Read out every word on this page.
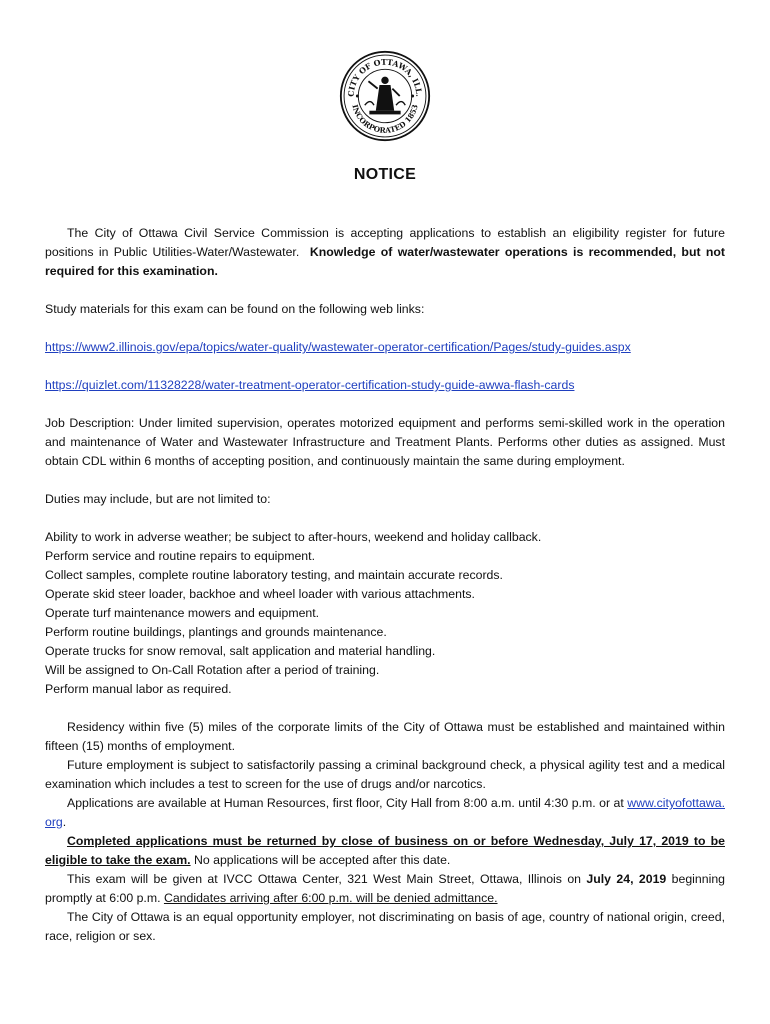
CITY OF OTTAWA, ILL.
INCORPORATED 1853
NOTICE

The City of Ottawa Civil Service Commission is accepting applications to establish an eligibility register for future positions in Public Utilities-Water/Wastewater. Knowledge of water/wastewater operations is recommended, but not required for this examination.

Study materials for this exam can be found on the following web links:

https://www2.illinois.gov/epa/topics/water-quality/wastewater-operator-certification/Pages/study-guides.aspx

https://quizlet.com/11328228/water-treatment-operator-certification-study-guide-awwa-flash-cards

Job Description: Under limited supervision, operates motorized equipment and performs semi-skilled work in the operation and maintenance of Water and Wastewater Infrastructure and Treatment Plants. Performs other duties as assigned. Must obtain CDL within 6 months of accepting position, and continuously maintain the same during employment.

Duties may include, but are not limited to:

Ability to work in adverse weather; be subject to after-hours, weekend and holiday callback.

Perform service and routine repairs to equipment.

Collect samples, complete routine laboratory testing, and maintain accurate records.

Operate skid steer loader, backhoe and wheel loader with various attachments.

Operate turf maintenance mowers and equipment.

Perform routine buildings, plantings and grounds maintenance.

Operate trucks for snow removal, salt application and material handling.

Will be assigned to On-Call Rotation after a period of training.

Perform manual labor as required.

Residency within five (5) miles of the corporate limits of the City of Ottawa must be established and maintained within fifteen (15) months of employment.

Future employment is subject to satisfactorily passing a criminal background check, a physical agility test and a medical examination which includes a test to screen for the use of drugs and/or narcotics.

Applications are available at Human Resources, first floor, City Hall from 8:00 a.m. until 4:30 p.m. or at www.cityofottawa.org.

Completed applications must be returned by close of business on or before Wednesday, July 17, 2019 to be eligible to take the exam. No applications will be accepted after this date.

This exam will be given at IVCC Ottawa Center, 321 West Main Street, Ottawa, Illinois on July 24, 2019 beginning promptly at 6:00 p.m. Candidates arriving after 6:00 p.m. will be denied admittance.

The City of Ottawa is an equal opportunity employer, not discriminating on basis of age, country of national origin, creed, race, religion or sex.
